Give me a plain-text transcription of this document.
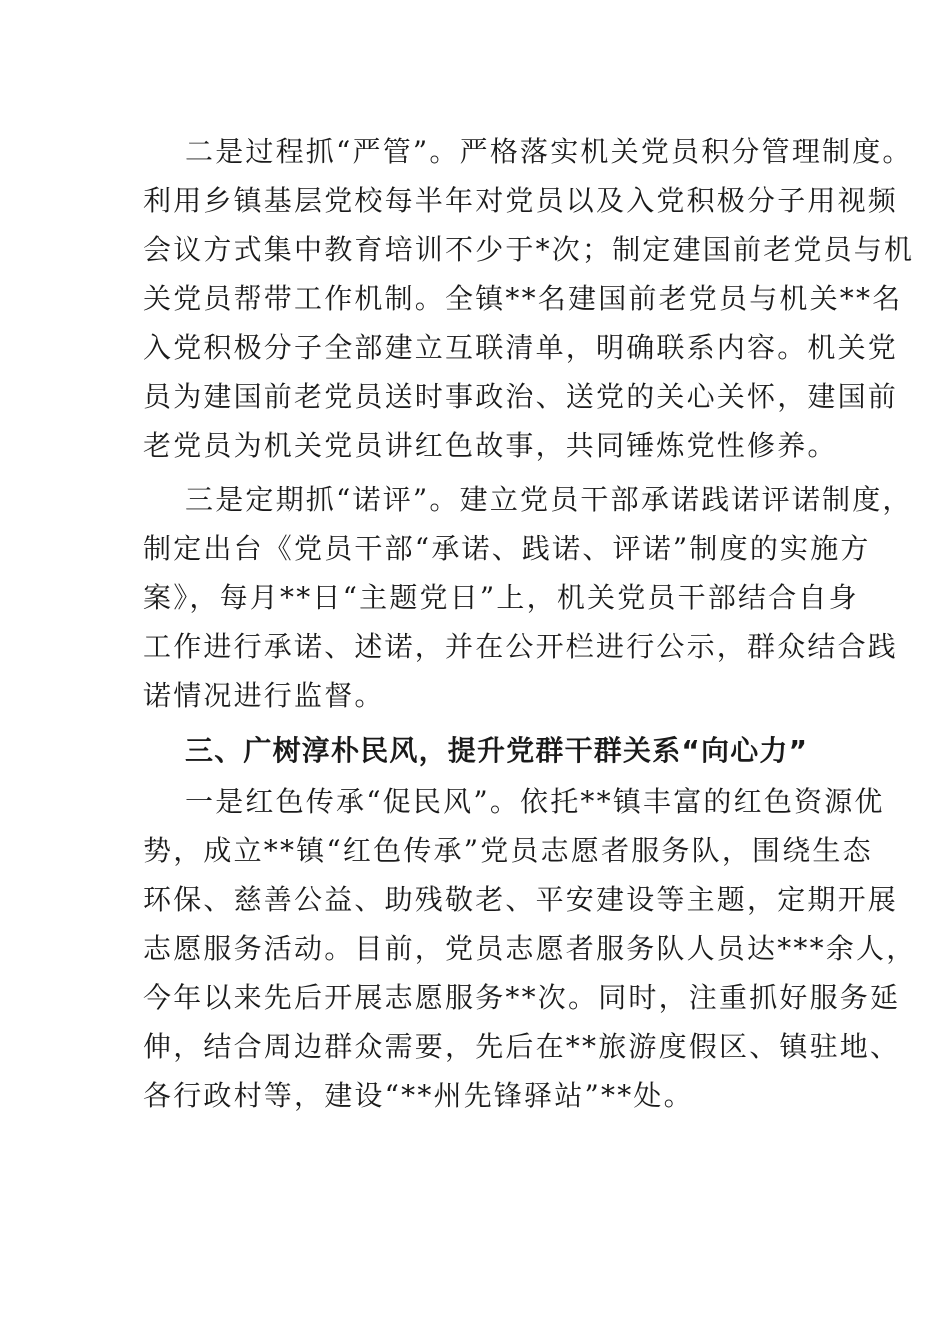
二是过程抓“严管”。严格落实机关党员积分管理制度。
利用乡镇基层党校每半年对党员以及入党积极分子用视频
会议方式集中教育培训不少于*次；制定建国前老党员与机
关党员帮带工作机制。全镇**名建国前老党员与机关**名
入党积极分子全部建立互联清单，明确联系内容。机关党
员为建国前老党员送时事政治、送党的关心关怀，建国前
老党员为机关党员讲红色故事，共同锤炼党性修养。
三是定期抓“诺评”。建立党员干部承诺践诺评诺制度，
制定出台《党员干部“承诺、践诺、评诺”制度的实施方
案》，每月**日“主题党日”上，机关党员干部结合自身
工作进行承诺、述诺，并在公开栏进行公示，群众结合践
诺情况进行监督。
三、广树淳朴民风，提升党群干群关系“向心力”
一是红色传承“促民风”。依托**镇丰富的红色资源优
势，成立**镇“红色传承”党员志愿者服务队，围绕生态
环保、慈善公益、助残敬老、平安建设等主题，定期开展
志愿服务活动。目前，党员志愿者服务队人员达***余人，
今年以来先后开展志愿服务**次。同时，注重抓好服务延
伸，结合周边群众需要，先后在**旅游度假区、镇驻地、
各行政村等，建设“**州先锋驿站”**处。
